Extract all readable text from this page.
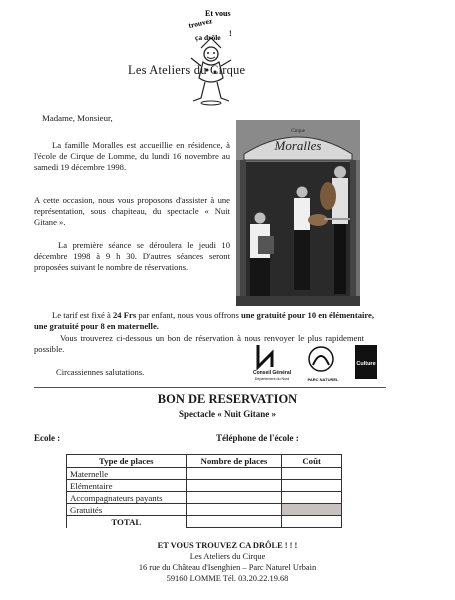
Et vous
trouvez
ça drôle !
Les Ateliers du Cirque
Madame, Monsieur,
La famille Moralles est accueillie en résidence, à l'école de Cirque de Lomme, du lundi 16 novembre au samedi 19 décembre 1998.
A cette occasion, nous vous proposons d'assister à une représentation, sous chapiteau, du spectacle « Nuit Gitane ».
La première séance se déroulera le jeudi 10 décembre 1998 à 9 h 30. D'autres séances seront proposées suivant le nombre de réservations.
Moralles
Cirque
Le tarif est fixé à 24 Frs par enfant, nous vous offrons une gratuité pour 10 en élémentaire, une gratuité pour 8 en maternelle.
Vous trouverez ci-dessous un bon de réservation à nous renvoyer le plus rapidement possible.
Circassiennes salutations.	Conseil Général
Département du Nord	PARC NATUREL
Culture
BON DE RESERVATION
Spectacle « Nuit Gitane »
Ecole :	Téléphone de l'école :
Type de places	Nombre de places	Coût
Maternelle		
Elémentaire		
Accompagnateurs payants		
Gratuités		
TOTAL		
ET VOUS TROUVEZ CA DRÔLE ! ! !
Les Ateliers du Cirque
16 rue du Château d'Isenghien – Parc Naturel Urbain
59160 LOMME Tél. 03.20.22.19.68
